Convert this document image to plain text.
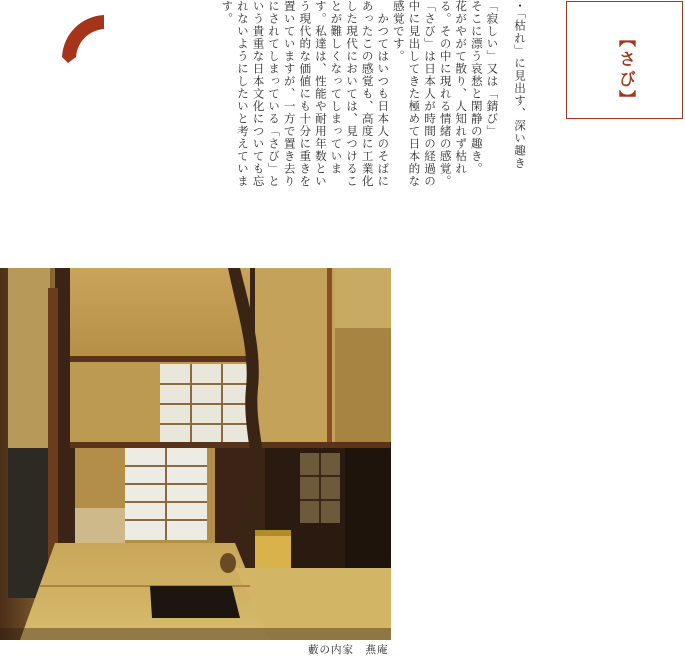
【さび】

・「枯れ」に見出す、深い趣き

「寂しい」又は「錆び」
そこに漂う哀愁と閑静の趣き。
花がやがて散り、人知れず枯れ
る。その中に現れる情緒の感覚。
「さび」は日本人が時間の経過の
中に見出してきた極めて日本的な
感覚です。

　かつてはいつも日本人のそばに
あったこの感覚も、高度に工業化
した現代においては、見つけるこ
とが難しくなってしまっていま
す。私達は、性能や耐用年数とい
う現代的な価値にも十分に重きを
置いていますが、一方で置き去り
にされてしまっている「さび」と
いう貴重な日本文化についても忘
れないようにしたいと考えていま
す。

藪の内家　燕庵
